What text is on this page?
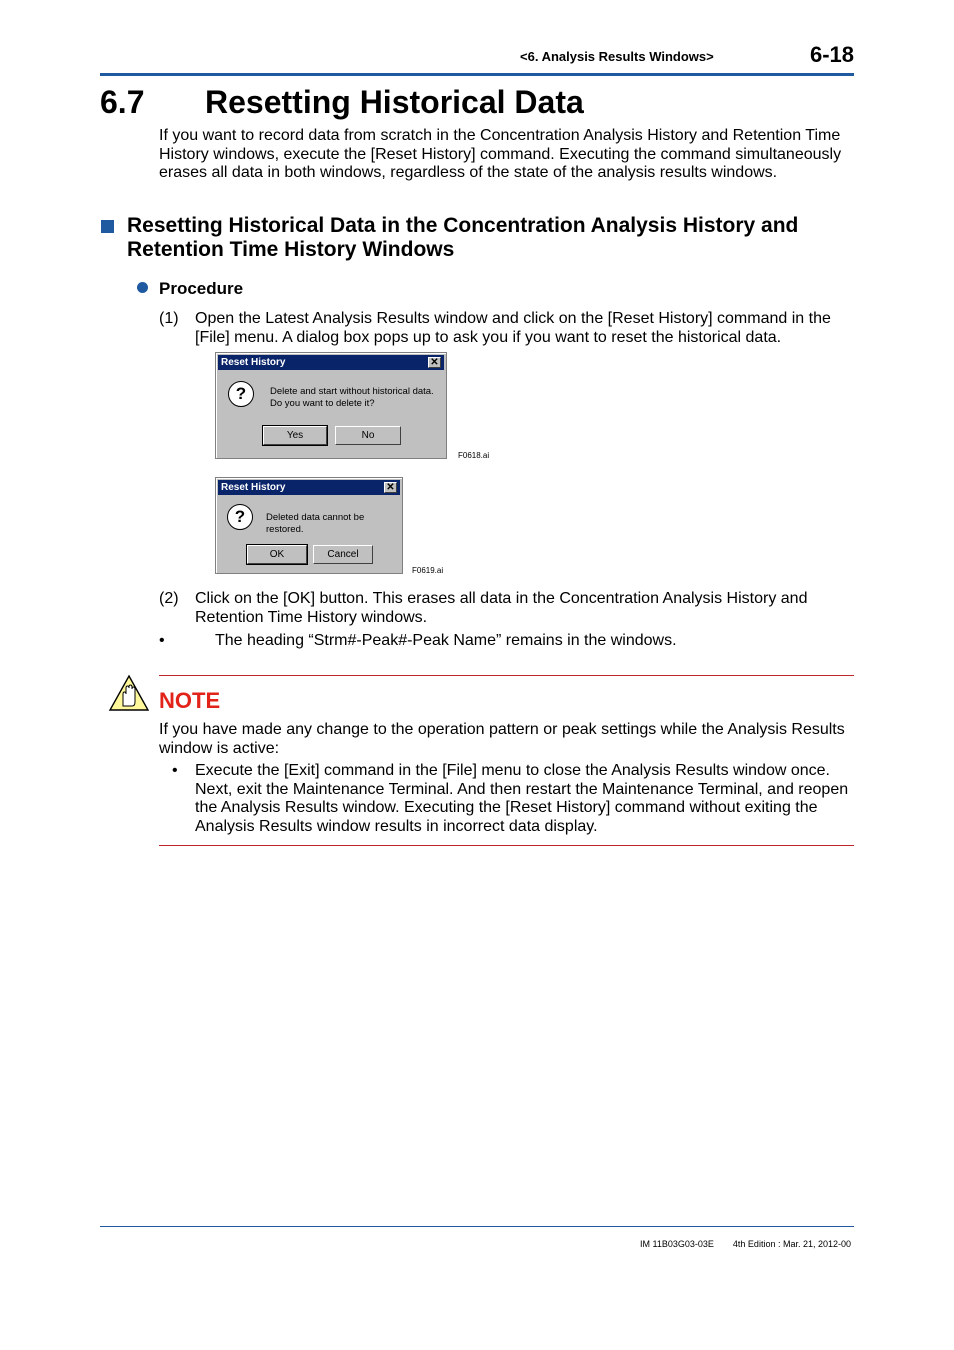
<6. Analysis Results Windows>	6-18
6.7 Resetting Historical Data
If you want to record data from scratch in the Concentration Analysis History and Retention Time History windows, execute the [Reset History] command. Executing the command simultaneously erases all data in both windows, regardless of the state of the analysis results windows.
Resetting Historical Data in the Concentration Analysis History and Retention Time History Windows
Procedure
(1) Open the Latest Analysis Results window and click on the [Reset History] command in the [File] menu. A dialog box pops up to ask you if you want to reset the historical data.
Reset History	✕
?	Delete and start without historical data.
Do you want to delete it?
Yes	No
F0618.ai
Reset History	✕
?	Deleted data cannot be restored.
OK	Cancel
F0619.ai
(2) Click on the [OK] button. This erases all data in the Concentration Analysis History and Retention Time History windows.
•	The heading “Strm#-Peak#-Peak Name” remains in the windows.
NOTE
If you have made any change to the operation pattern or peak settings while the Analysis Results window is active:
• Execute the [Exit] command in the [File] menu to close the Analysis Results window once. Next, exit the Maintenance Terminal. And then restart the Maintenance Terminal, and reopen the Analysis Results window. Executing the [Reset History] command without exiting the Analysis Results window results in incorrect data display.
IM 11B03G03-03E 4th Edition : Mar. 21, 2012-00
